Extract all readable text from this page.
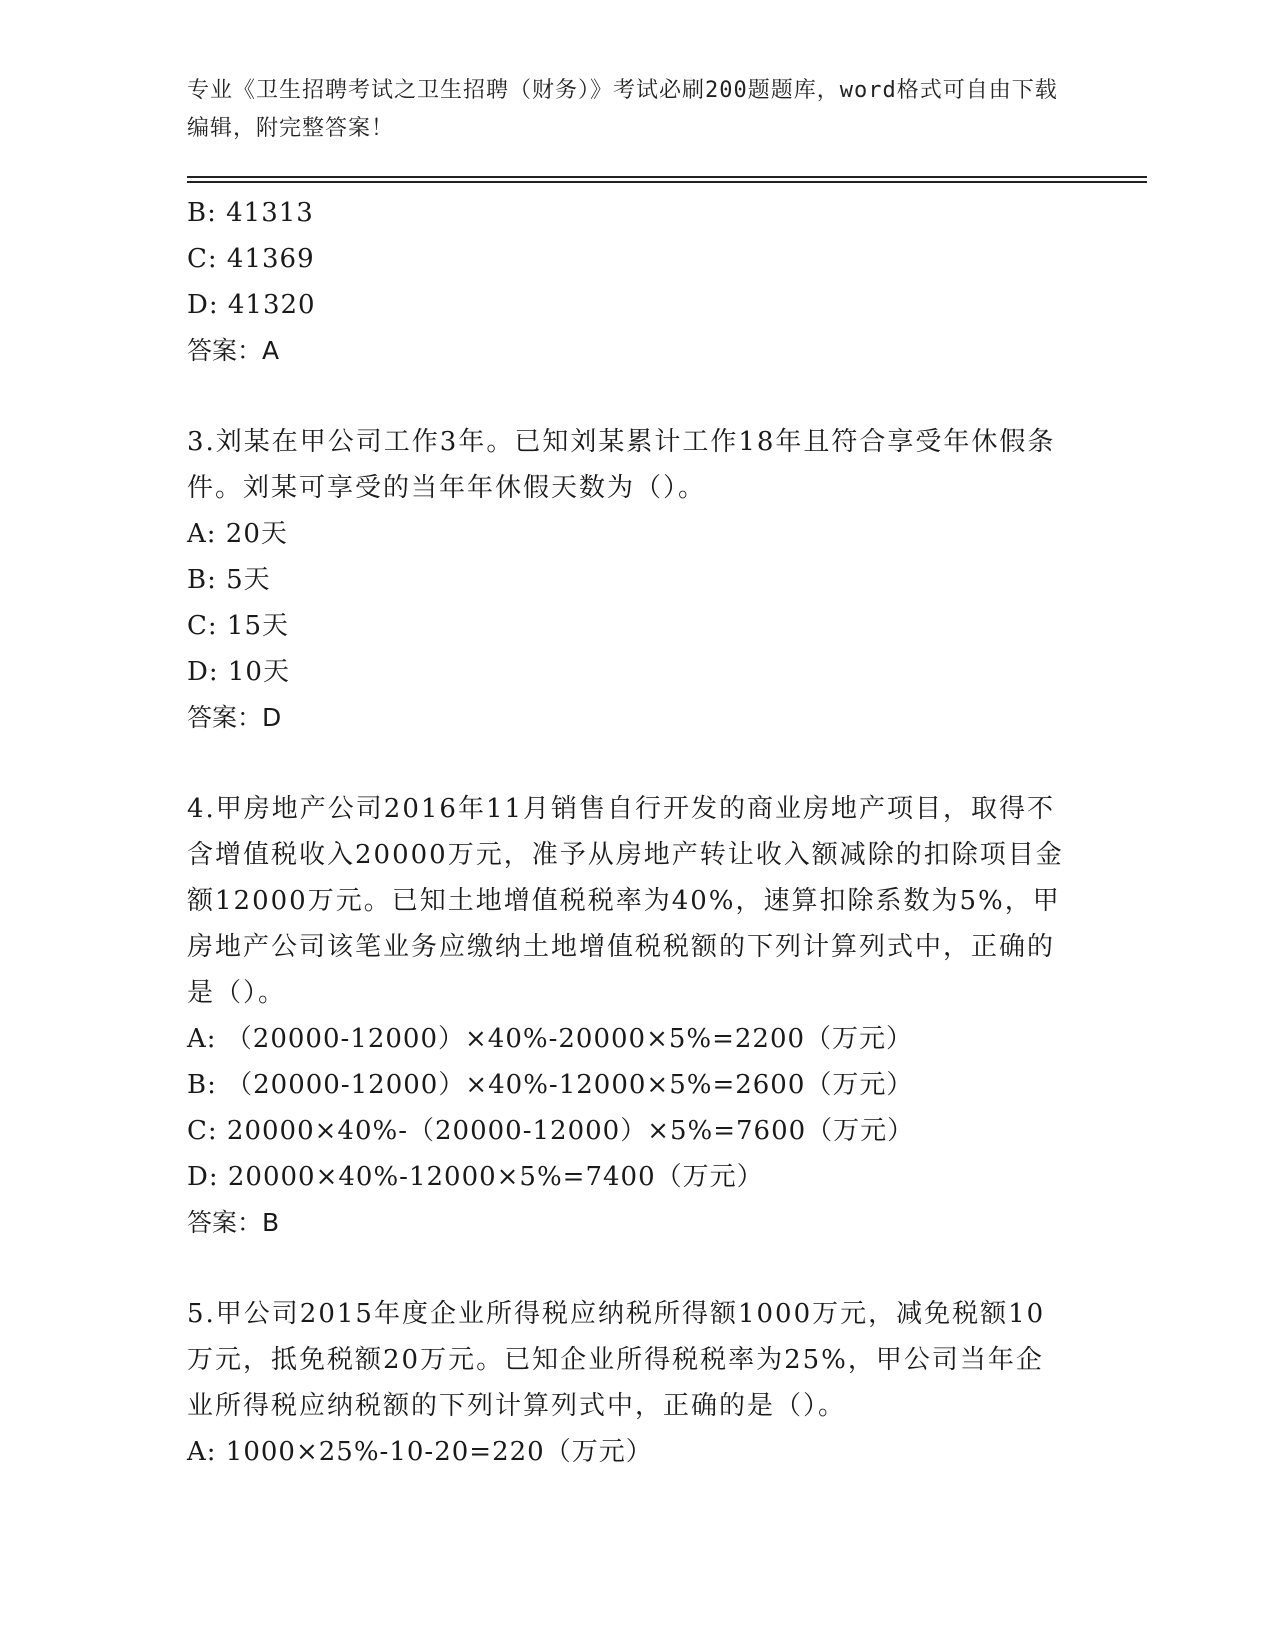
专业《卫生招聘考试之卫生招聘（财务）》考试必刷200题题库，word格式可自由下载编辑，附完整答案！
B: 41313
C: 41369
D: 41320
答案：A
3.刘某在甲公司工作3年。已知刘某累计工作18年且符合享受年休假条件。刘某可享受的当年年休假天数为（）。
A: 20天
B: 5天
C: 15天
D: 10天
答案：D
4.甲房地产公司2016年11月销售自行开发的商业房地产项目，取得不含增值税收入20000万元，准予从房地产转让收入额减除的扣除项目金额12000万元。已知土地增值税税率为40%，速算扣除系数为5%，甲房地产公司该笔业务应缴纳土地增值税税额的下列计算列式中，正确的是（）。
A: （20000-12000）×40%-20000×5%=2200（万元）
B: （20000-12000）×40%-12000×5%=2600（万元）
C: 20000×40%-（20000-12000）×5%=7600（万元）
D: 20000×40%-12000×5%=7400（万元）
答案：B
5.甲公司2015年度企业所得税应纳税所得额1000万元，减免税额10万元，抵免税额20万元。已知企业所得税税率为25%，甲公司当年企业所得税应纳税额的下列计算列式中，正确的是（）。
A: 1000×25%-10-20=220（万元）
